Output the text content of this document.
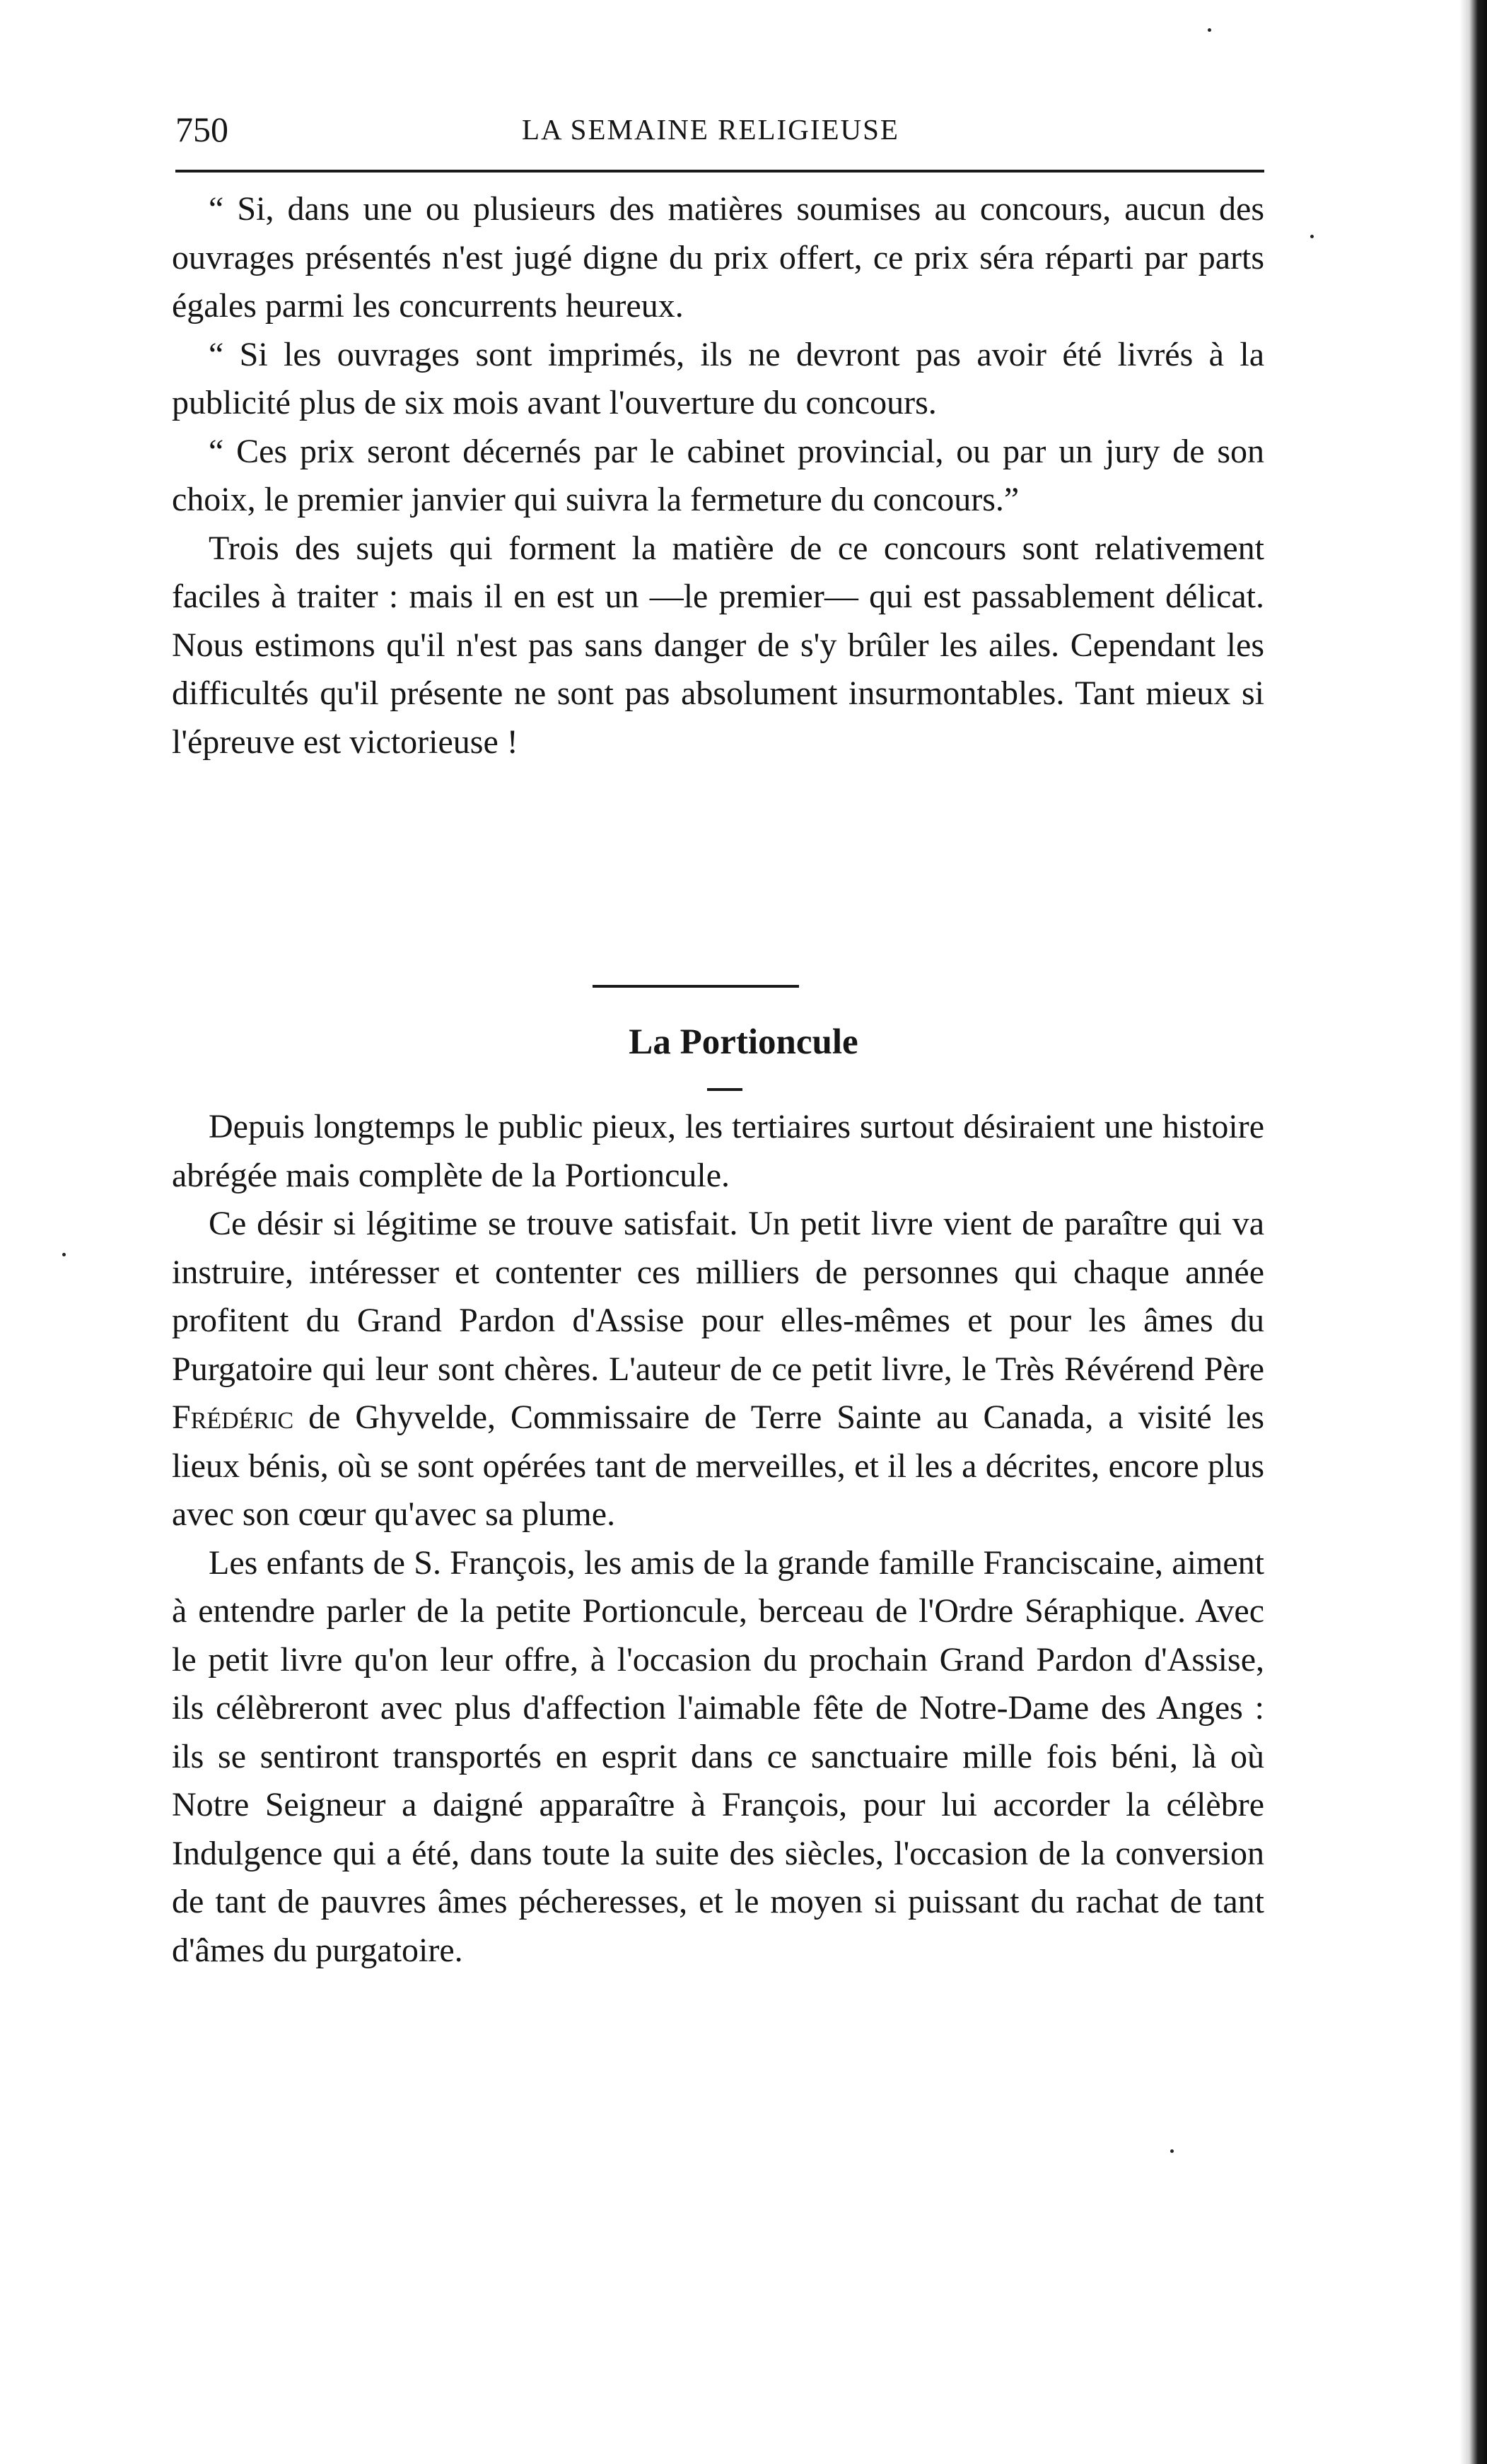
750	LA SEMAINE RELIGIEUSE

“ Si, dans une ou plusieurs des matières soumises au concours, aucun des ouvrages présentés n'est jugé digne du prix offert, ce prix séra réparti par parts égales parmi les concurrents heureux.

“ Si les ouvrages sont imprimés, ils ne devront pas avoir été livrés à la publicité plus de six mois avant l'ouverture du concours.

“ Ces prix seront décernés par le cabinet provincial, ou par un jury de son choix, le premier janvier qui suivra la fermeture du concours.”

Trois des sujets qui forment la matière de ce concours sont relativement faciles à traiter : mais il en est un —le premier— qui est passablement délicat. Nous estimons qu'il n'est pas sans danger de s'y brûler les ailes. Cependant les difficultés qu'il présente ne sont pas absolument insurmontables. Tant mieux si l'épreuve est victorieuse !

La Portioncule

Depuis longtemps le public pieux, les tertiaires surtout désiraient une histoire abrégée mais complète de la Portioncule.

Ce désir si légitime se trouve satisfait. Un petit livre vient de paraître qui va instruire, intéresser et contenter ces milliers de personnes qui chaque année profitent du Grand Pardon d'Assise pour elles-mêmes et pour les âmes du Purgatoire qui leur sont chères. L'auteur de ce petit livre, le Très Révérend Père Frédéric de Ghyvelde, Commissaire de Terre Sainte au Canada, a visité les lieux bénis, où se sont opérées tant de merveilles, et il les a décrites, encore plus avec son cœur qu'avec sa plume.

Les enfants de S. François, les amis de la grande famille Franciscaine, aiment à entendre parler de la petite Portioncule, berceau de l'Ordre Séraphique. Avec le petit livre qu'on leur offre, à l'occasion du prochain Grand Pardon d'Assise, ils célèbreront avec plus d'affection l'aimable fête de Notre-Dame des Anges : ils se sentiront transportés en esprit dans ce sanctuaire mille fois béni, là où Notre Seigneur a daigné apparaître à François, pour lui accorder la célèbre Indulgence qui a été, dans toute la suite des siècles, l'occasion de la conversion de tant de pauvres âmes pécheresses, et le moyen si puissant du rachat de tant d'âmes du purgatoire.
